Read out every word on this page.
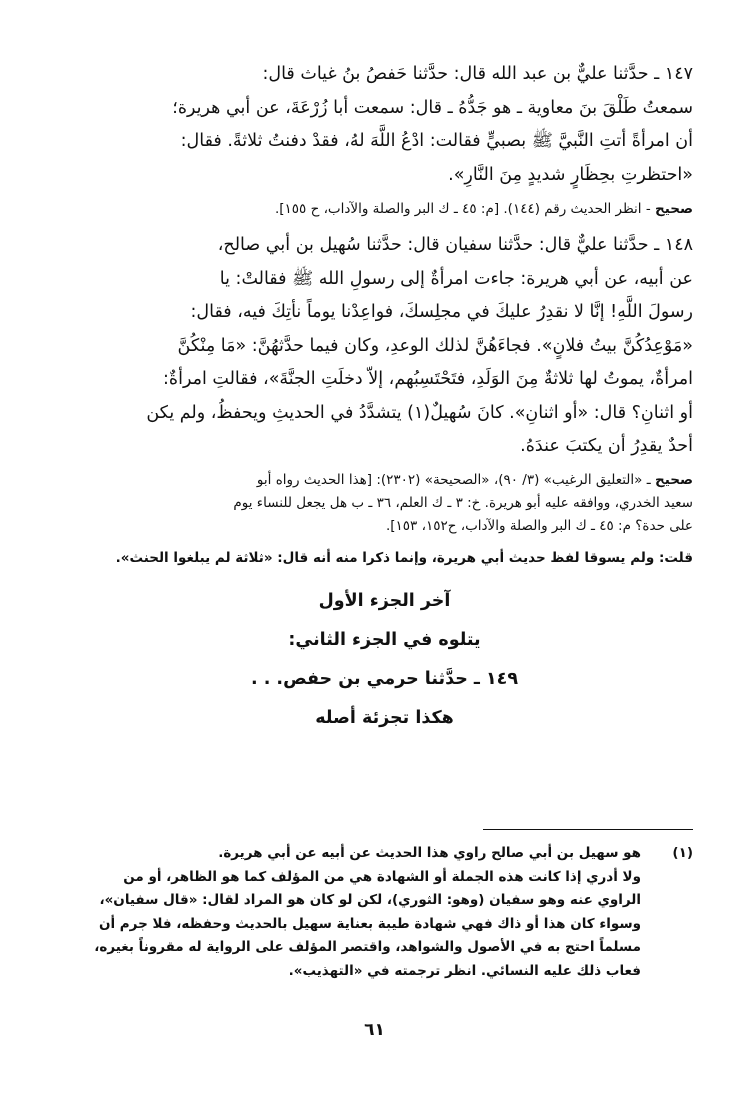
١٤٧ ـ حدَّثنا عليٌّ بن عبد الله قال: حدَّثنا حَفصُ بنُ غياث قال:

سمعتُ طَلْقَ بنَ معاوية ـ هو جَدُّهُ ـ قال: سمعت أبا زُرْعَةَ، عن أبي هريرة؛

أن امرأةً أتتِ النَّبيَّ ﷺ بصبيٍّ فقالت: ادْعُ اللَّهَ لهُ، فقدْ دفنتُ ثلاثةً. فقال:

«احتظرتِ بحِظَارٍ شديدٍ مِنَ النَّارِ».

صحيح - انظر الحديث رقم (١٤٤). [م: ٤٥ ـ ك البر والصلة والآداب، ح ١٥٥].

١٤٨ ـ حدَّثنا عليٌّ قال: حدَّثنا سفيان قال: حدَّثنا سُهيل بن أبي صالح،

عن أبيه، عن أبي هريرة: جاءت امرأةٌ إلى رسولِ الله ﷺ فقالتْ: يا

رسولَ اللَّهِ! إنَّا لا نقدِرُ عليكَ في مجلِسكَ، فواعِدْنا يوماً نأتِكَ فيه، فقال:

«مَوْعِدُكُنَّ بيتُ فلانٍ». فجاءَهُنَّ لذلك الوعدِ، وكان فيما حدَّثهُنَّ: «مَا مِنْكُنَّ

امرأةٌ، يموتُ لها ثلاثةٌ مِنَ الوَلَدِ، فتَحْتَسِبُهم، إلاّ دخلَتِ الجنَّةَ»، فقالتِ امرأةٌ:

أو اثنانِ؟ قال: «أو اثنانِ». كانَ سُهيلٌ(١) يتشدَّدُ في الحديثِ ويحفظُ، ولم يكن

أحدٌ يقدِرُ أن يكتبَ عندَهُ.

صحيح ـ «التعليق الرغيب» (٣/ ٩٠)، «الصحيحة» (٢٣٠٢): [هذا الحديث رواه أبو
سعيد الخدري، ووافقه عليه أبو هريرة. خ: ٣ ـ ك العلم، ٣٦ ـ ب هل يجعل للنساء يوم
على حدة؟ م: ٤٥ ـ ك البر والصلة والآداب، ح١٥٢، ١٥٣].

قلت: ولم يسوقا لفظ حديث أبي هريرة، وإنما ذكرا منه أنه قال: «ثلاثة لم يبلغوا الحنث».

آخر الجزء الأول
يتلوه في الجزء الثاني:
١٤٩ ـ حدَّثنا حرمي بن حفص. . .
هكذا تجزئة أصله
(١)
هو سهيل بن أبي صالح راوي هذا الحديث عن أبيه عن أبي هريرة.
ولا أدري إذا كانت هذه الجملة أو الشهادة هي من المؤلف كما هو الظاهر، أو من
الراوي عنه وهو سفيان (وهو: الثوري)، لكن لو كان هو المراد لقال: «قال سفيان»،
وسواء كان هذا أو ذاك فهي شهادة طيبة بعناية سهيل بالحديث وحفظه، فلا جرم أن
مسلماً احتج به في الأصول والشواهد، واقتصر المؤلف على الرواية له مقروناً بغيره،
فعاب ذلك عليه النسائي. انظر ترجمته في «التهذيب».
٦١
